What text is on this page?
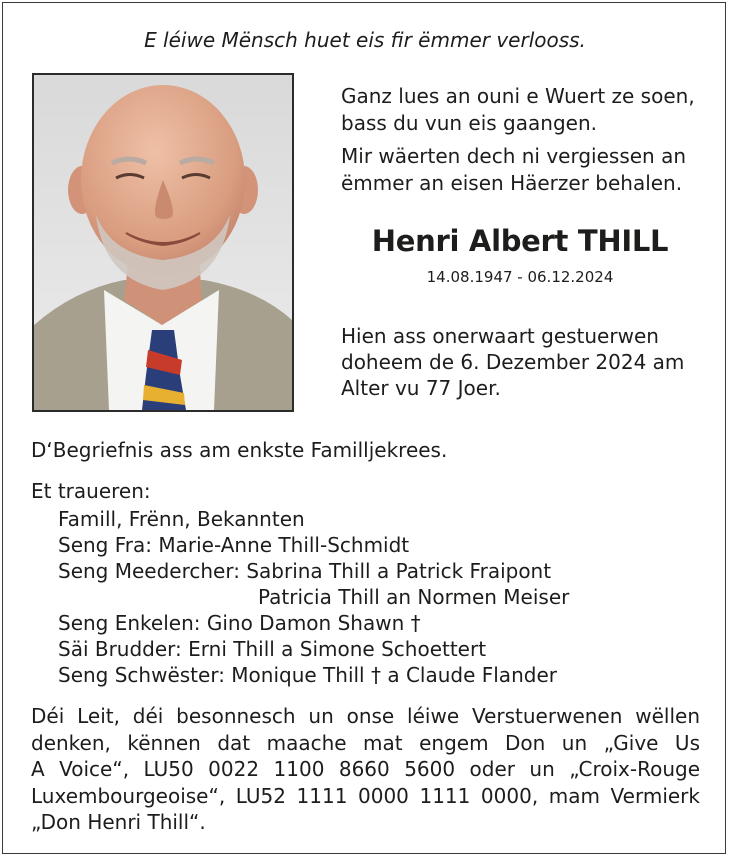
E léiwe Mënsch huet eis fir ëmmer verlooss.

Ganz lues an ouni e Wuert ze soen,
bass du vun eis gaangen.

Mir wäerten dech ni vergiessen an
ëmmer an eisen Häerzer behalen.

Henri Albert THILL
14.08.1947 - 06.12.2024
Hien ass onerwaart gestuerwen
doheem de 6. Dezember 2024 am
Alter vu 77 Joer.
D‘Begriefnis ass am enkste Familljekrees.
Et traueren:
Famill, Frënn, Bekannten
Seng Fra: Marie-Anne Thill-Schmidt
Seng Meedercher: Sabrina Thill a Patrick Fraipont
Patricia Thill an Normen Meiser
Seng Enkelen: Gino Damon Shawn †
Säi Brudder: Erni Thill a Simone Schoettert
Seng Schwëster: Monique Thill † a Claude Flander
Déi Leit, déi besonnesch un onse léiwe Verstuerwenen wëllen
denken, kënnen dat maache mat engem Don un „Give Us
A Voice“, LU50 0022 1100 8660 5600 oder un „Croix-Rouge
Luxembourgeoise“, LU52 1111 0000 1111 0000, mam Vermierk
„Don Henri Thill“.
